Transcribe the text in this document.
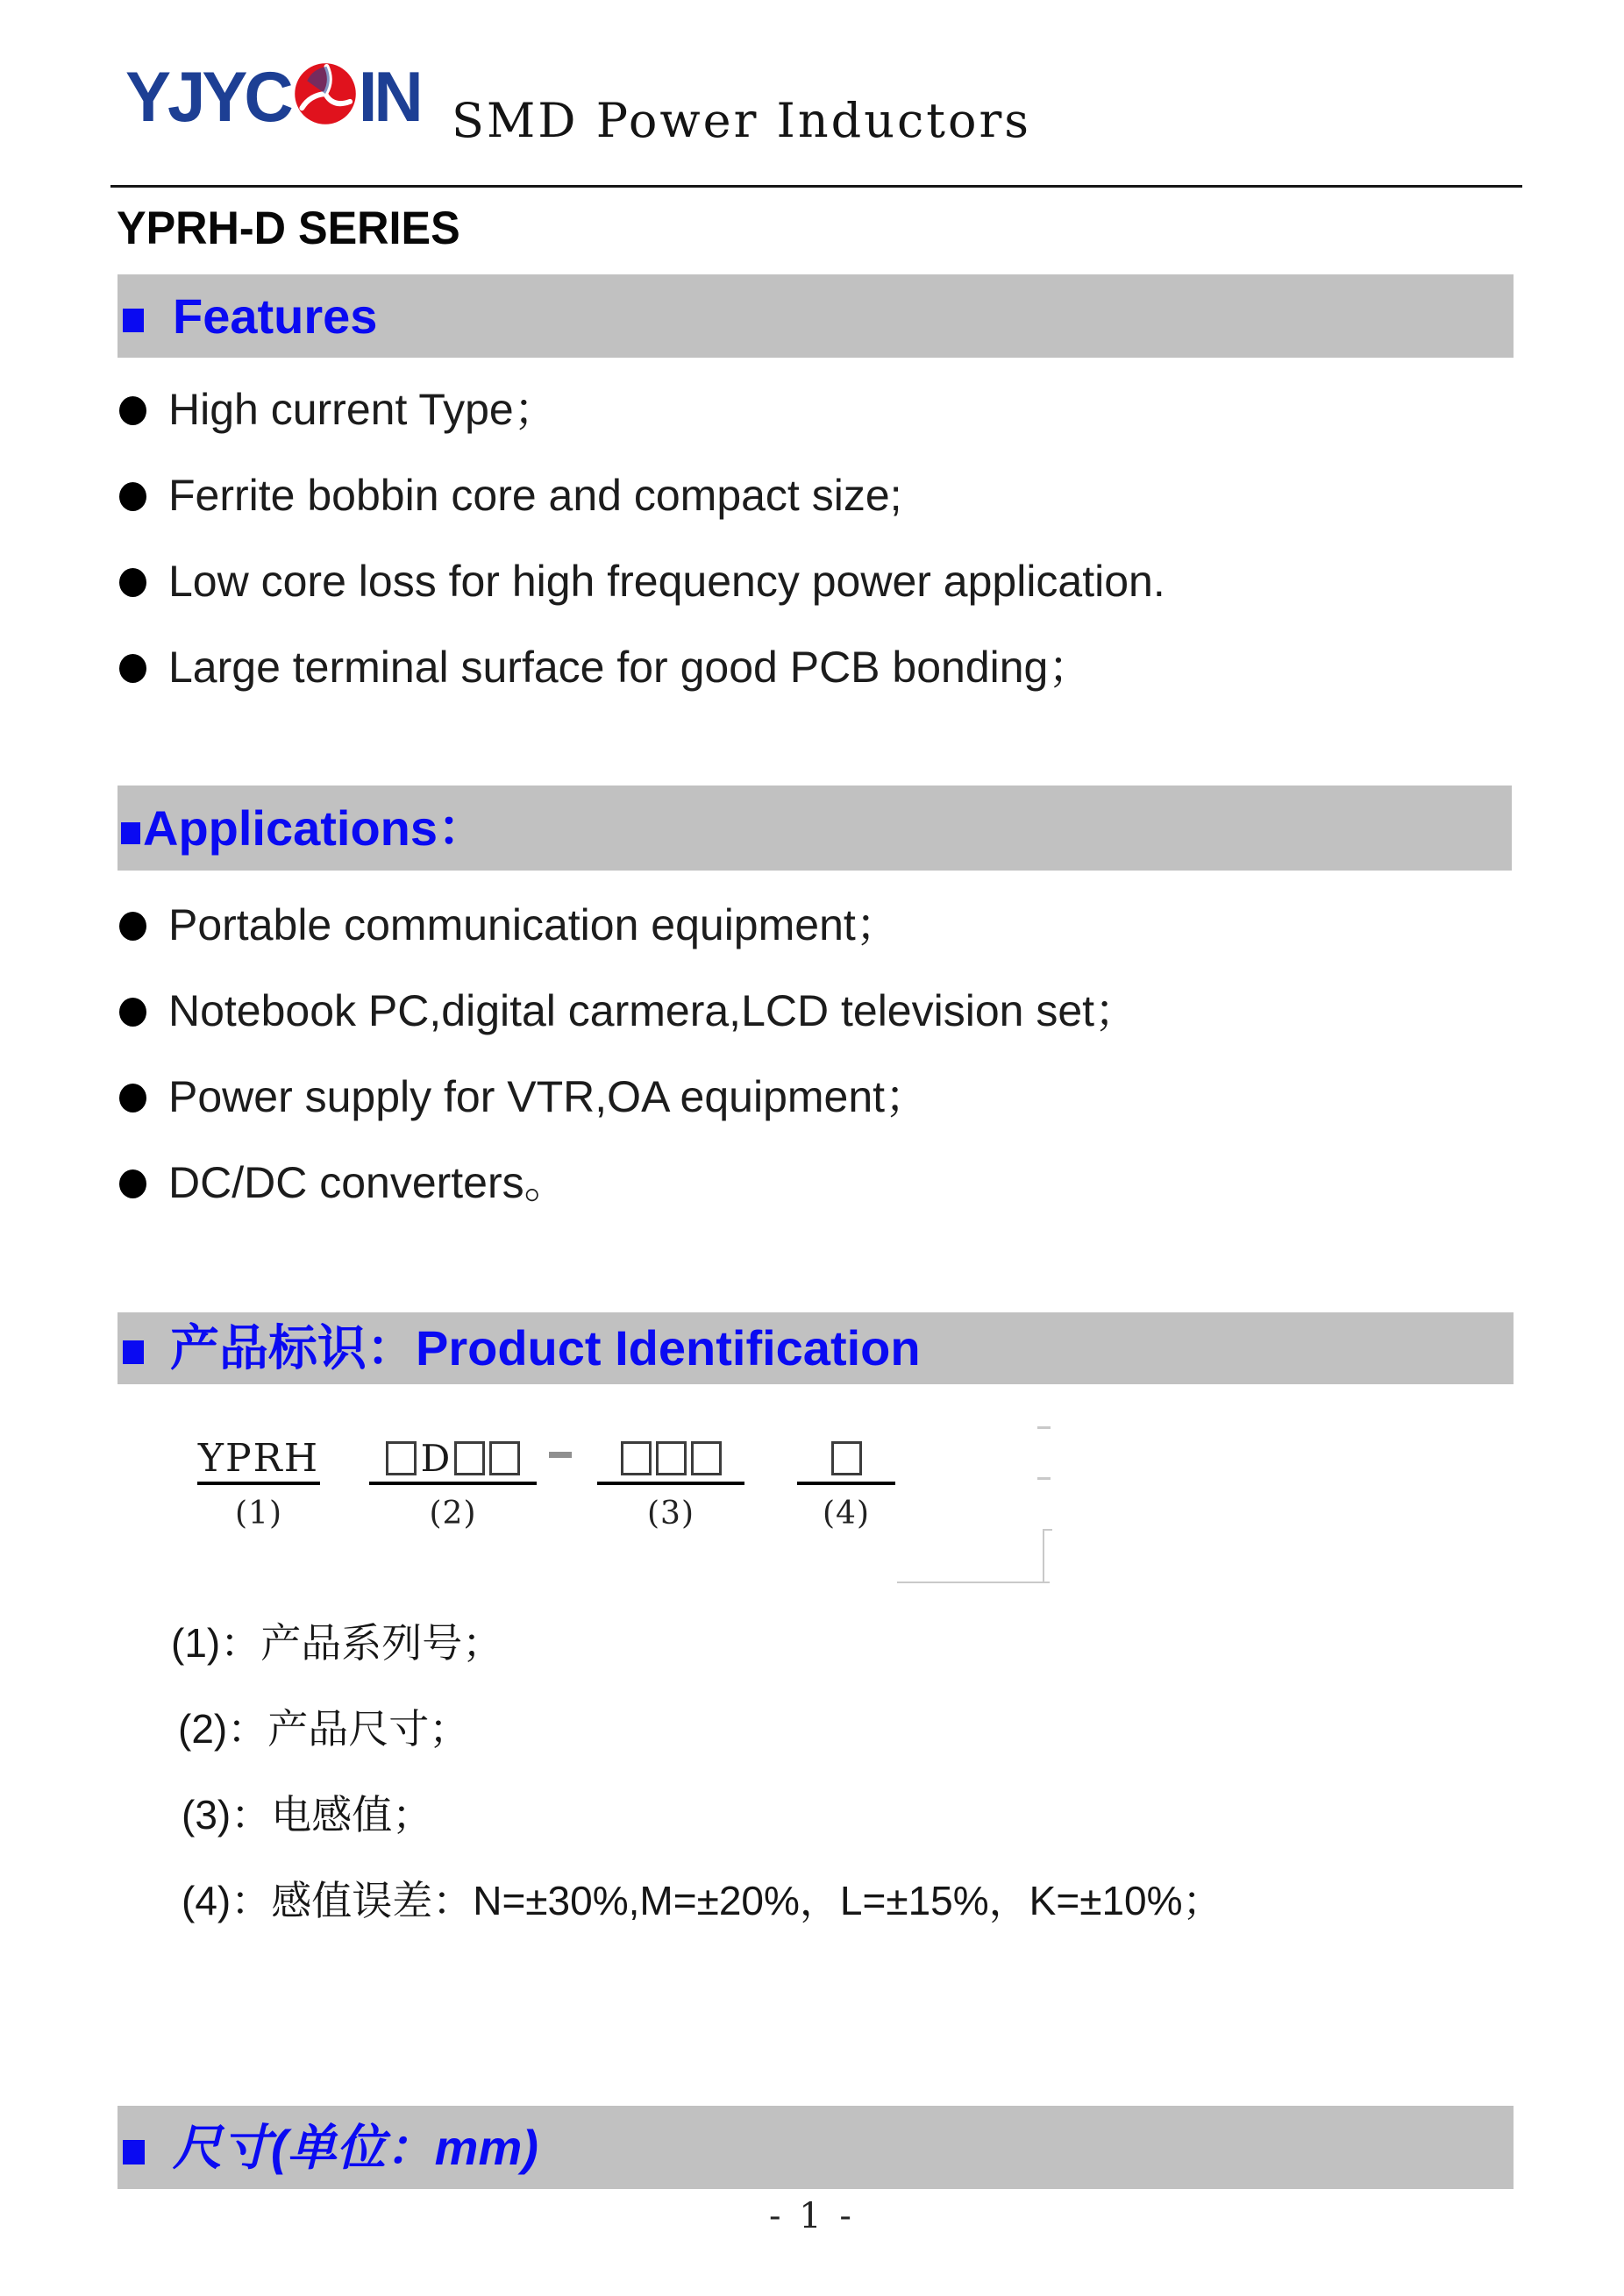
YJYC IN SMD Power Inductors
YPRH-D SERIES
Features
High current Type；
Ferrite bobbin core and compact size;
Low core loss for high frequency power application.
Large terminal surface for good PCB bonding；
Applications：
Portable communication equipment；
Notebook PC,digital carmera,LCD television set；
Power supply for VTR,OA equipment；
DC/DC converters。
产品标识：Product Identification
YPRH
(1)
D
(2)	(3)	(4)
(1)：产品系列号；
(2)：产品尺寸；
(3)：电感值；
(4)：感值误差：N=±30%,M=±20%，L=±15%，K=±10%；
尺寸(单位：mm)
- 1 -
